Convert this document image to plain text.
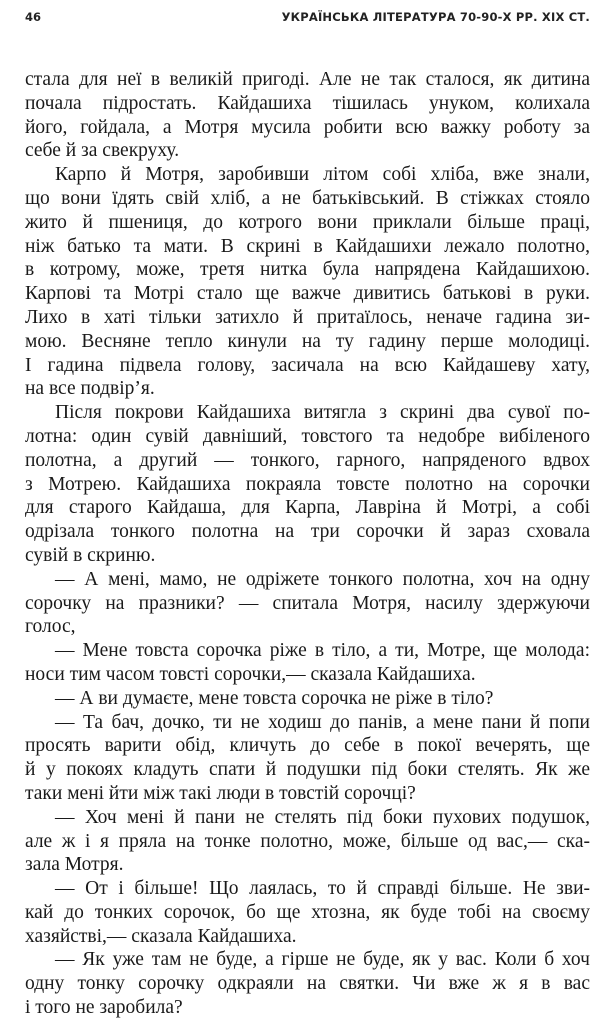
46	УКРАЇНСЬКА ЛІТЕРАТУРА 70-90-Х РР. XIX СТ.
стала для неї в великій пригоді. Але не так сталося, як дитина
почала підростать. Кайдашиха тішилась унуком, колихала
його, гойдала, а Мотря мусила робити всю важку роботу за
себе й за свекруху.
Карпо й Мотря, заробивши літом собі хліба, вже знали,
що вони їдять свій хліб, а не батьківський. В стіжках стояло
жито й пшениця, до котрого вони приклали більше праці,
ніж батько та мати. В скрині в Кайдашихи лежало полотно,
в котрому, може, третя нитка була напрядена Кайдашихою.
Карпові та Мотрі стало ще важче дивитись батькові в руки.
Лихо в хаті тільки затихло й притаїлось, неначе гадина зи-
мою. Весняне тепло кинули на ту гадину перше молодиці.
І гадина підвела голову, засичала на всю Кайдашеву хату,
на все подвір’я.
Після покрови Кайдашиха витягла з скрині два сувої по-
лотна: один сувій давніший, товстого та недобре вибіленого
полотна, а другий — тонкого, гарного, напряденого вдвох
з Мотрею. Кайдашиха покраяла товсте полотно на сорочки
для старого Кайдаша, для Карпа, Лавріна й Мотрі, а собі
одрізала тонкого полотна на три сорочки й зараз сховала
сувій в скриню.
— А мені, мамо, не одріжете тонкого полотна, хоч на одну
сорочку на празники? — спитала Мотря, насилу здержуючи
голос,
— Мене товста сорочка ріже в тіло, а ти, Мотре, ще молода:
носи тим часом товсті сорочки,— сказала Кайдашиха.
— А ви думаєте, мене товста сорочка не ріже в тіло?
— Та бач, дочко, ти не ходиш до панів, а мене пани й попи
просять варити обід, кличуть до себе в покої вечерять, ще
й у покоях кладуть спати й подушки під боки стелять. Як же
таки мені йти між такі люди в товстій сорочці?
— Хоч мені й пани не стелять під боки пухових подушок,
але ж і я пряла на тонке полотно, може, більше од вас,— ска-
зала Мотря.
— От і більше! Що лаялась, то й справді більше. Не зви-
кай до тонких сорочок, бо ще хтозна, як буде тобі на своєму
хазяйстві,— сказала Кайдашиха.
— Як уже там не буде, а гірше не буде, як у вас. Коли б хоч
одну тонку сорочку одкраяли на святки. Чи вже ж я в вас
і того не заробила?
